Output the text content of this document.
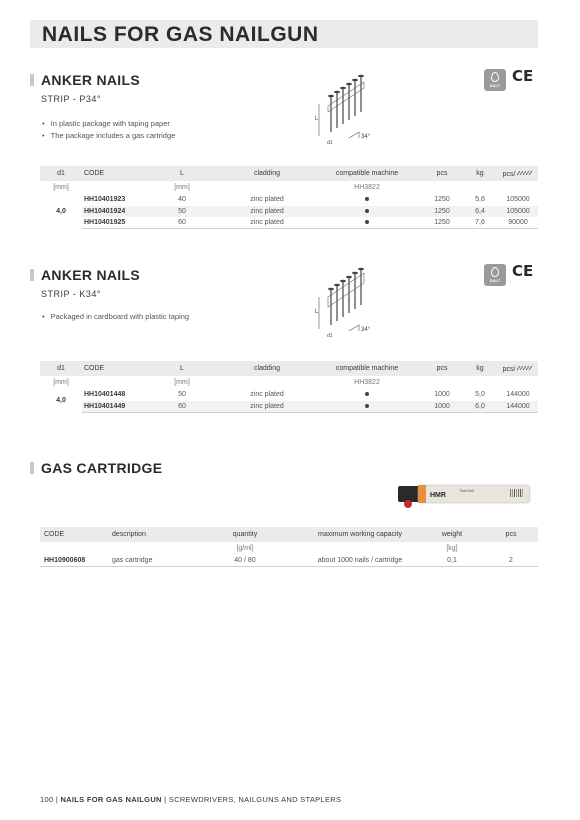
NAILS FOR GAS NAILGUN
ANKER NAILS
STRIP - P34°
• In plastic package with taping paper
• The package includes a gas cartridge
SALT
CE
L
34°
d1
d1	CODE	L	cladding	compatible machine	pcs	kg	pcs/
[mm]		[mm]		HH3822			
4,0	HH10401923	40	zinc plated		1250	5,6	105000
	HH10401924	50	zinc plated		1250	6,4	105000
	HH10401925	60	zinc plated		1250	7,6	90000
ANKER NAILS
STRIP - K34°
• Packaged in cardboard with plastic taping
SALT
CE
L
34°
d1
d1	CODE	L	cladding	compatible machine	pcs	kg	pcs/
[mm]		[mm]		HH3822			
4,0	HH10401448	50	zinc plated		1000	5,0	144000
	HH10401449	60	zinc plated		1000	6,0	144000
GAS CARTRIDGE
HMR
Fuel Cell
CODE	description	quantity	maximum working capacity	weight	pcs
		[g/ml]		[kg]	
HH10900608	gas cartridge	40 / 80	about 1000 nails / cartridge	0,1	2
100 | NAILS FOR GAS NAILGUN | SCREWDRIVERS, NAILGUNS AND STAPLERS
